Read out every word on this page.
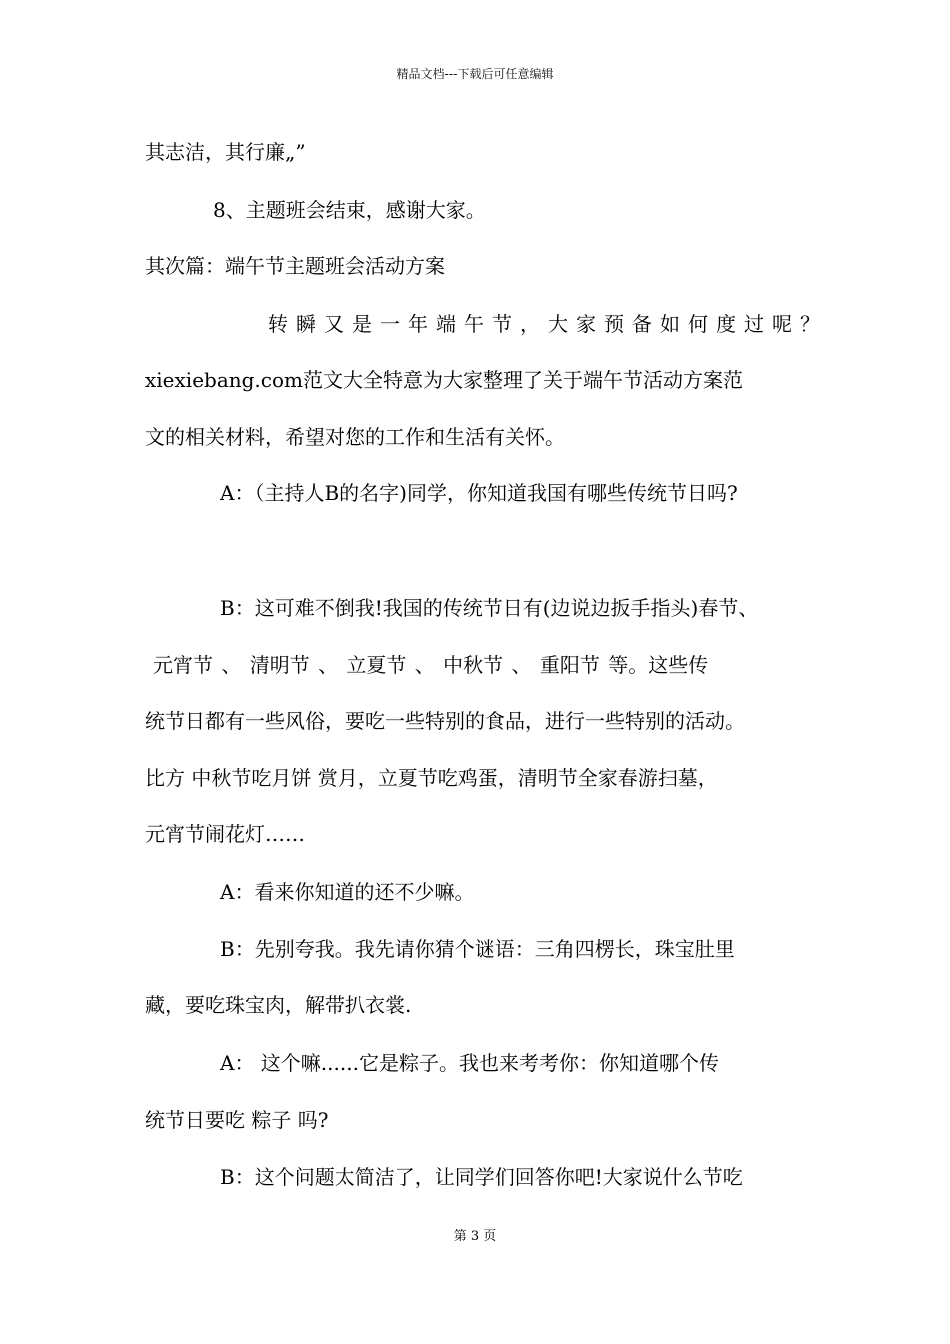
精品文档---下载后可任意编辑
其志洁，其行廉„”
8、主题班会结束，感谢大家。
其次篇：端午节主题班会活动方案
转瞬又是一年端午节，大家预备如何度过呢？
xiexiebang.com范文大全特意为大家整理了关于端午节活动方案范
文的相关材料，希望对您的工作和生活有关怀。
A：（主持人B的名字)同学，你知道我国有哪些传统节日吗?
B：这可难不倒我!我国的传统节日有(边说边扳手指头)春节、
元宵节 、 清明节 、 立夏节 、 中秋节 、 重阳节 等。这些传
统节日都有一些风俗，要吃一些特别的食品，进行一些特别的活动。
比方 中秋节吃月饼 赏月，立夏节吃鸡蛋，清明节全家春游扫墓，
元宵节闹花灯……
A：看来你知道的还不少嘛。
B：先别夸我。我先请你猜个谜语：三角四楞长，珠宝肚里
藏，要吃珠宝肉，解带扒衣裳.
A： 这个嘛......它是粽子。我也来考考你：你知道哪个传
统节日要吃 粽子 吗?
B：这个问题太简洁了，让同学们回答你吧!大家说什么节吃
第 3 页
